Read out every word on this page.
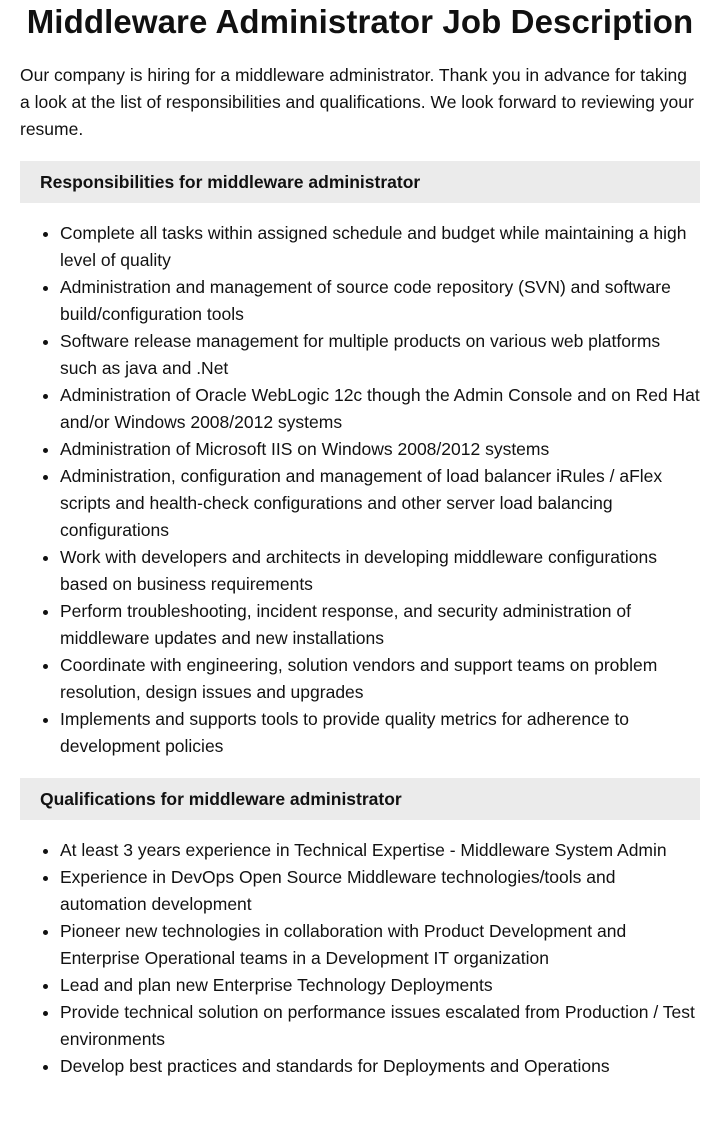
Middleware Administrator Job Description

Our company is hiring for a middleware administrator. Thank you in advance for taking a look at the list of responsibilities and qualifications. We look forward to reviewing your resume.

Responsibilities for middleware administrator
• Complete all tasks within assigned schedule and budget while maintaining a high level of quality
• Administration and management of source code repository (SVN) and software build/configuration tools
• Software release management for multiple products on various web platforms such as java and .Net
• Administration of Oracle WebLogic 12c though the Admin Console and on Red Hat and/or Windows 2008/2012 systems
• Administration of Microsoft IIS on Windows 2008/2012 systems
• Administration, configuration and management of load balancer iRules / aFlex scripts and health-check configurations and other server load balancing configurations
• Work with developers and architects in developing middleware configurations based on business requirements
• Perform troubleshooting, incident response, and security administration of middleware updates and new installations
• Coordinate with engineering, solution vendors and support teams on problem resolution, design issues and upgrades
• Implements and supports tools to provide quality metrics for adherence to development policies
Qualifications for middleware administrator
• At least 3 years experience in Technical Expertise - Middleware System Admin
• Experience in DevOps Open Source Middleware technologies/tools and automation development
• Pioneer new technologies in collaboration with Product Development and Enterprise Operational teams in a Development IT organization
• Lead and plan new Enterprise Technology Deployments
• Provide technical solution on performance issues escalated from Production / Test environments
• Develop best practices and standards for Deployments and Operations
